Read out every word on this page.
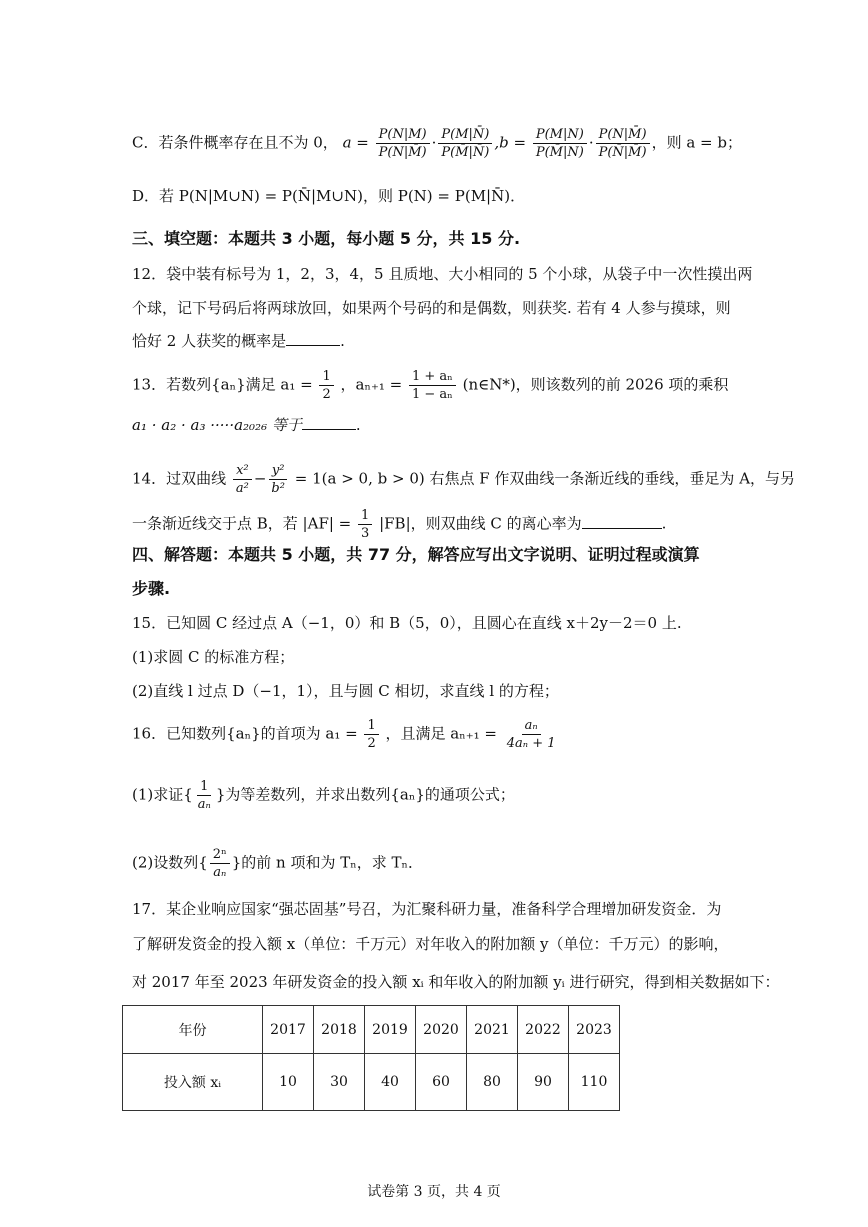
C．若条件概率存在且不为 0， $a = \frac{P(N|M)}{P(N|M̄)} \cdot \frac{P(M|N̄)}{P(M̄|N̄)} ,b = \frac{P(M|N)}{P(M̄|N)} \cdot \frac{P(N|M̄)}{P(N̄|M̄)}$ ，则 a = b；
D．若 P(N|M∪N) = P(N̄|M∪N)，则 P(N) = P(M|N̄)．
三、填空题：本题共 3 小题，每小题 5 分，共 15 分.
12．袋中装有标号为 1，2，3，4，5 且质地、大小相同的 5 个小球，从袋子中一次性摸出两
个球，记下号码后将两球放回，如果两个号码的和是偶数，则获奖. 若有 4 人参与摸球，则
恰好 2 人获奖的概率是	.
13．若数列{aₙ}满足 $a_1 = \frac{1}{2}$ ，$a_{n+1} = \frac{\text{1 + aₙ}}{\text{1 − aₙ}}$ (n∈N*)，则该数列的前 2026 项的乘积
a₁ · a₂ · a₃ ·····a₂₀₂₆ 等于	.
14．过双曲线 $\frac{\text{x²}}{\text{a²}} - \frac{\text{y²}}{\text{b²}} = 1(a > 0$, b > 0) 右焦点 F 作双曲线一条渐近线的垂线，垂足为 A，与另
一条渐近线交于点 B，若 $|AF| = \frac{1}{3} |FB|$，则双曲线 C 的离心率为	.
四、解答题：本题共 5 小题，共 77 分，解答应写出文字说明、证明过程或演算
步骤.
15．已知圆 C 经过点 A（−1，0）和 B（5，0），且圆心在直线 x＋2y－2＝0 上.
(1)求圆 C 的标准方程；
(2)直线 l 过点 D（−1，1），且与圆 C 相切，求直线 l 的方程；
16．已知数列{aₙ}的首项为 $a_1 = \frac{1}{2}$ ，且满足 $a_{n+1} = \frac{\text{aₙ}}{\text{4aₙ + 1}}$
(1)求证{ $\frac{1}{\text{aₙ}}$ }为等差数列，并求出数列{aₙ}的通项公式；
(2)设数列{ $\frac{\text{2ⁿ}}{\text{aₙ}}$ }的前 n 项和为 Tₙ，求 Tₙ．
17．某企业响应国家“强芯固基”号召，为汇聚科研力量，准备科学合理增加研发资金．为
了解研发资金的投入额 x（单位：千万元）对年收入的附加额 y（单位：千万元）的影响，
对 2017 年至 2023 年研发资金的投入额 xᵢ 和年收入的附加额 yᵢ 进行研究，得到相关数据如下：
年份	2017	2018	2019	2020	2021	2022	2023
投入额 xᵢ	10	30	40	60	80	90	110
试卷第 3 页，共 4 页
